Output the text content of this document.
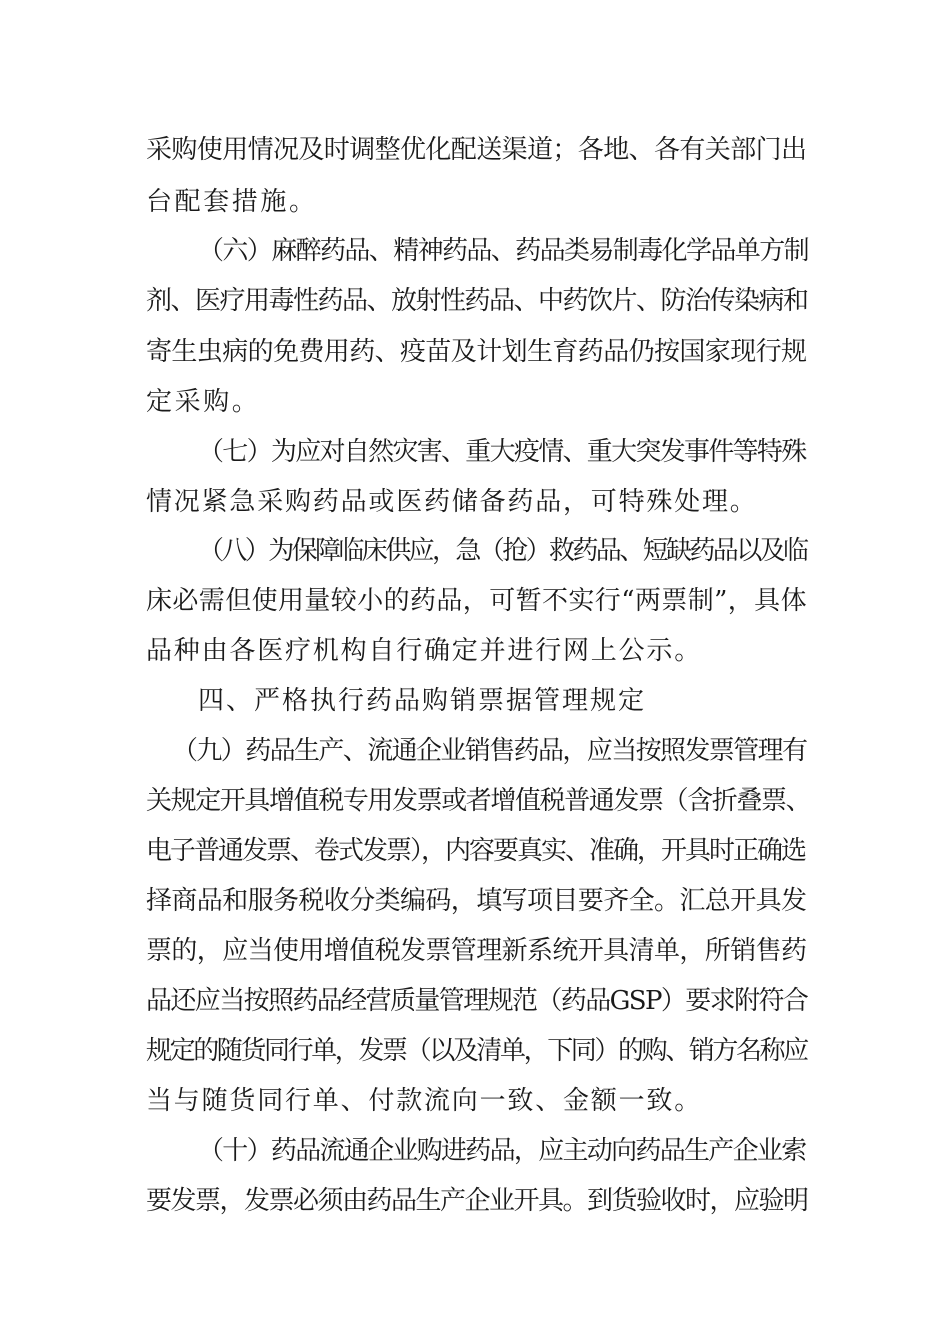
采购使用情况及时调整优化配送渠道；各地、各有关部门出
台配套措施。
（六）麻醉药品、精神药品、药品类易制毒化学品单方制
剂、医疗用毒性药品、放射性药品、中药饮片、防治传染病和
寄生虫病的免费用药、疫苗及计划生育药品仍按国家现行规
定采购。
（七）为应对自然灾害、重大疫情、重大突发事件等特殊
情况紧急采购药品或医药储备药品，可特殊处理。
（八）为保障临床供应，急（抢）救药品、短缺药品以及临
床必需但使用量较小的药品，可暂不实行“两票制”，具体
品种由各医疗机构自行确定并进行网上公示。
四、严格执行药品购销票据管理规定
（九）药品生产、流通企业销售药品，应当按照发票管理有
关规定开具增值税专用发票或者增值税普通发票（含折叠票、
电子普通发票、卷式发票），内容要真实、准确，开具时正确选
择商品和服务税收分类编码，填写项目要齐全。汇总开具发
票的，应当使用增值税发票管理新系统开具清单，所销售药
品还应当按照药品经营质量管理规范（药品GSP）要求附符合
规定的随货同行单，发票（以及清单，下同）的购、销方名称应
当与随货同行单、付款流向一致、金额一致。
（十）药品流通企业购进药品，应主动向药品生产企业索
要发票，发票必须由药品生产企业开具。到货验收时，应验明
